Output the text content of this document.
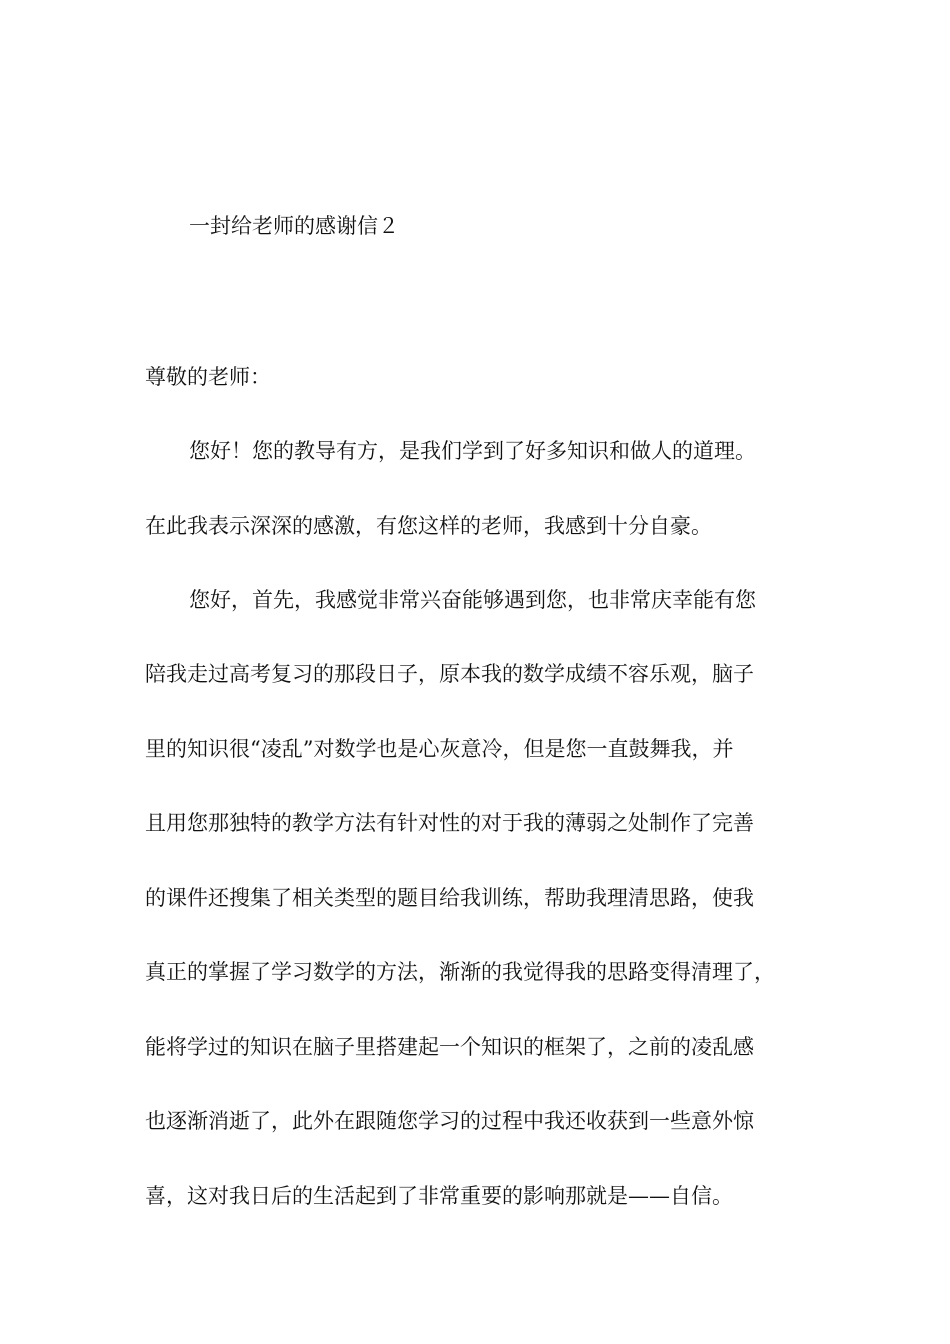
一封给老师的感谢信２
尊敬的老师：
您好！您的教导有方，是我们学到了好多知识和做人的道理。
在此我表示深深的感激，有您这样的老师，我感到十分自豪。
您好，首先，我感觉非常兴奋能够遇到您，也非常庆幸能有您
陪我走过高考复习的那段日子，原本我的数学成绩不容乐观，脑子
里的知识很“凌乱”对数学也是心灰意冷，但是您一直鼓舞我，并
且用您那独特的教学方法有针对性的对于我的薄弱之处制作了完善
的课件还搜集了相关类型的题目给我训练，帮助我理清思路，使我
真正的掌握了学习数学的方法，渐渐的我觉得我的思路变得清理了，
能将学过的知识在脑子里搭建起一个知识的框架了，之前的凌乱感
也逐渐消逝了，此外在跟随您学习的过程中我还收获到一些意外惊
喜，这对我日后的生活起到了非常重要的影响那就是——自信。
